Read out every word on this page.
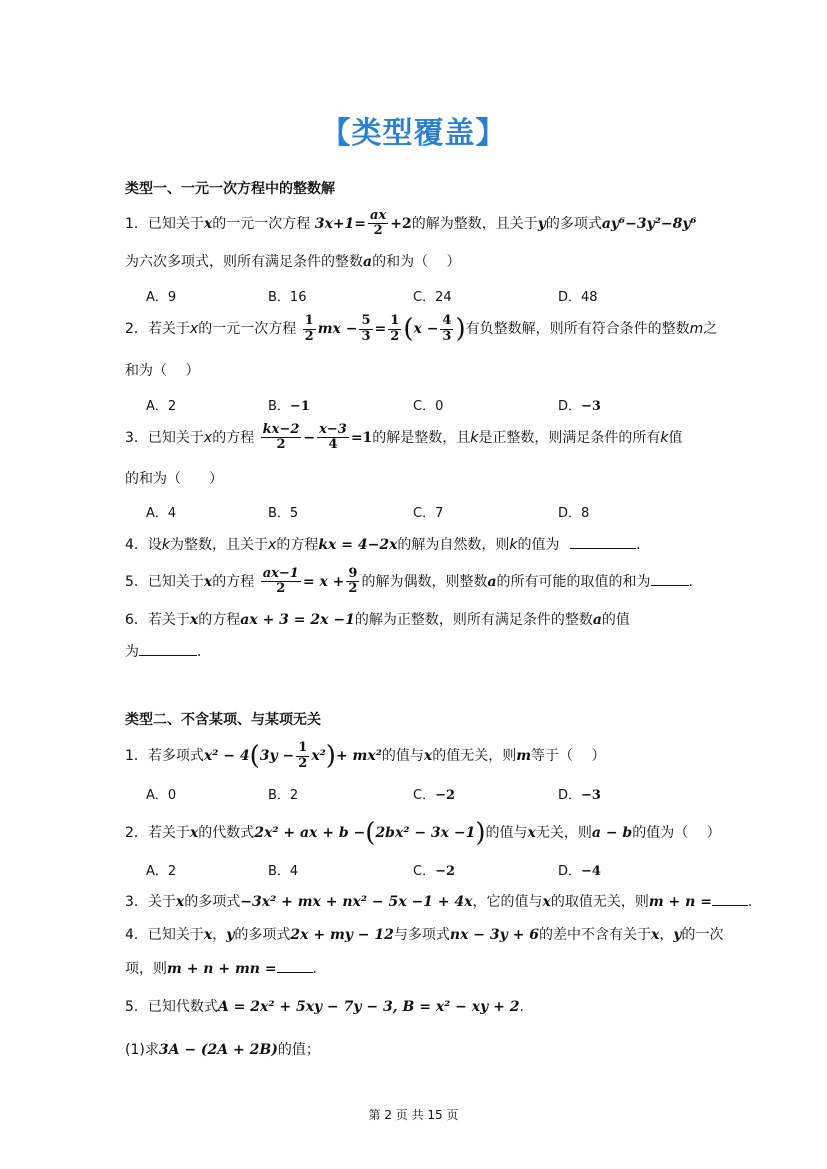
【类型覆盖】
类型一、一元一次方程中的整数解
1．已知关于x的一元一次方程 $3x+1= \frac{ax}{2} +2$的解为整数，且关于y的多项式ay⁶−3y²−8y⁶
为六次多项式，则所有满足条件的整数a的和为（　 ）
A．9	B．16	C．24	D．48
2．若关于x的一元一次方程 $\frac{1}{2}$ mx − $\frac{5}{3} = \frac{1}{2} (x - \frac{4}{3}$ )有负整数解，则所有符合条件的整数m之
和为（　 ）
A．2	B．−1	C．0	D．−3
3．已知关于x的方程 $\frac{kx-2}{2} - \frac{x-3}{4} =1$的解是整数，且k是正整数，则满足条件的所有k值
的和为（　　）
A．4	B．5	C．7	D．8
4．设k为整数，且关于x的方程kx = 4−2x的解为自然数，则k的值为	.
5．已知关于x的方程 $\frac{ax-1}{2} = x + \frac{9}{2}$ 的解为偶数，则整数a的所有可能的取值的和为	.
6．若关于x的方程ax + 3 = 2x −1的解为正整数，则所有满足条件的整数a的值
为	.
类型二、不含某项、与某项无关
1．若多项式$x^2 - 4(3y - \frac{1}{2} x^2)+ mx^2$的值与x的值无关，则m等于（　 ）
A．0	B．2	C．−2	D．−3
2．若关于x的代数式2x² + ax + b −(2bx² − 3x −1)的值与x无关，则a − b的值为（　 ）
A．2	B．4	C．−2	D．−4
3．关于x的多项式−3x² + mx + nx² − 5x −1 + 4x，它的值与x的取值无关，则m + n =	.
4．已知关于x，y的多项式2x + my − 12与多项式nx − 3y + 6的差中不含有关于x，y的一次
项，则m + n + mn =	.
5．已知代数式A = 2x² + 5xy − 7y − 3, B = x² − xy + 2.
(1)求3A − (2A + 2B)的值；
第 2 页 共 15 页
